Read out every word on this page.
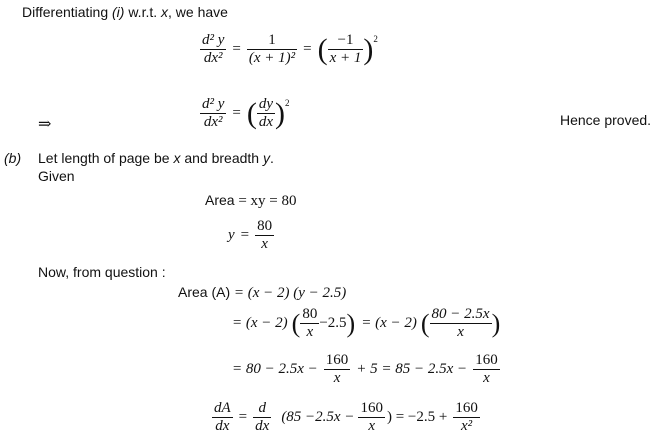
Differentiating (i) w.r.t. x, we have
$\frac{\text{d² y}}{\text{dx²}} = \frac{1}{\text{(x + 1)²}}$ = ( $\frac{-1}{x + 1} )^2$
⇒	$\frac{\text{d² y}}{\text{dx²}}$ = ( $\frac{dy}{dx} )^2$
Hence proved.
(b) Let length of page be x and breadth y.
Given
Area = xy = 80
$y = \frac{80}{x}$
Now, from question :
Area (A) = (x − 2) (y − 2.5)
= (x − 2) ( $\frac{80}{x} -2.5$ ) = (x − 2) ( $\frac{80 - 2.5x}{x}$ )
= $80 - 2.5x - \frac{160}{x} + 5 = 85 - 2.5x - \frac{160}{x}$
$\frac{dA}{dx} = \frac{d}{dx} (85 -2.5x - \frac{160}{x}$ ) = $-2.5 + \frac{160}{\text{x²}}$
